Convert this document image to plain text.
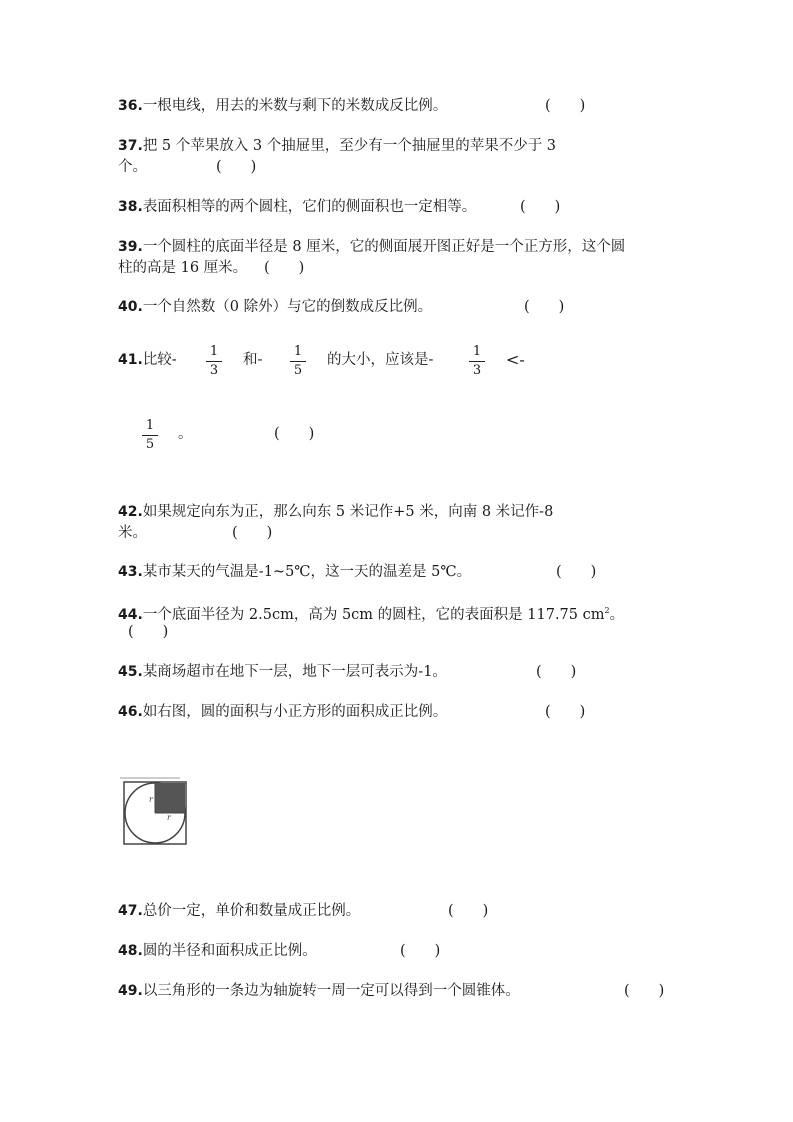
36.一根电线，用去的米数与剩下的米数成反比例。	(　　)
37.把 5 个苹果放入 3 个抽屉里，至少有一个抽屉里的苹果不少于 3
个。	(　　)
38.表面积相等的两个圆柱，它们的侧面积也一定相等。	(　　)
39.一个圆柱的底面半径是 8 厘米，它的侧面展开图正好是一个正方形，这个圆
柱的高是 16 厘米。 (　　)
40.一个自然数（0 除外）与它的倒数成反比例。	(　　)
41.比较-
1
3
和-
1
5
的大小，应该是-
1
3
<-
1
5
。	(　　)
42.如果规定向东为正，那么向东 5 米记作+5 米，向南 8 米记作-8
米。	(　　)
43.某市某天的气温是-1~5℃，这一天的温差是 5℃。	(　　)
44.一个底面半径为 2.5cm，高为 5cm 的圆柱，它的表面积是 117.75 $cm^2$。
(　　)
45.某商场超市在地下一层，地下一层可表示为-1。	(　　)
46.如右图，圆的面积与小正方形的面积成正比例。	(　　)
r
r
47.总价一定，单价和数量成正比例。	(　　)
48.圆的半径和面积成正比例。	(　　)
49.以三角形的一条边为轴旋转一周一定可以得到一个圆锥体。	(　　)
